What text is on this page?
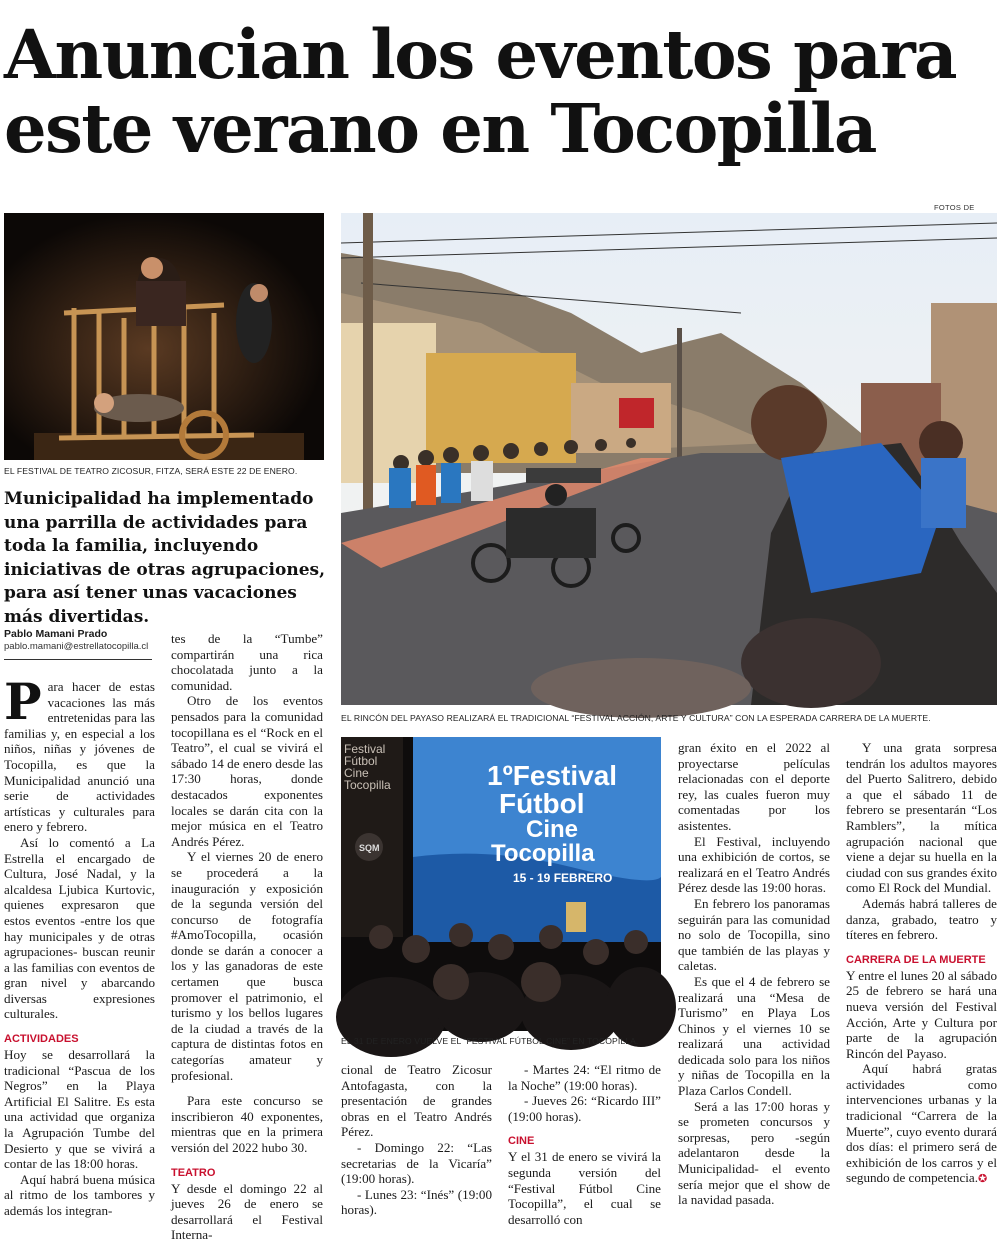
Anuncian los eventos para
este verano en Tocopilla
EL FESTIVAL DE TEATRO ZICOSUR, FITZA, SERÁ ESTE 22 DE ENERO.
FOTOS DE
EL RINCÓN DEL PAYASO REALIZARÁ EL TRADICIONAL “FESTIVAL ACCIÓN, ARTE Y CULTURA” CON LA ESPERADA CARRERA DE LA MUERTE.
Municipalidad ha implementado una parrilla de actividades para toda la familia, incluyendo iniciativas de otras agrupaciones, para así tener unas vacaciones más divertidas.
Pablo Mamani Prado
pablo.mamani@estrellatocopilla.cl
1ºFestival
Fútbol
Cine
Tocopilla
15 - 19 FEBRERO
Festival
Fútbol
Cine
Tocopilla
SQM
EL 31 DE ENERO VUELVE EL “FESTIVAL FÚTBOL CINE” EN TOCOPILLA.

Para hacer de estas vacaciones las más entretenidas para las familias y, en especial a los niños, niñas y jóvenes de Tocopilla, es que la Municipalidad anunció una serie de actividades artísticas y culturales para enero y febrero.

Así lo comentó a La Estrella el encargado de Cultura, José Nadal, y la alcaldesa Ljubica Kurtovic, quienes expresaron que estos eventos -entre los que hay municipales y de otras agrupaciones- buscan reunir a las familias con eventos de gran nivel y abarcando diversas expresiones culturales.

ACTIVIDADES

Hoy se desarrollará la tradicional “Pascua de los Negros” en la Playa Artificial El Salitre. Es esta una actividad que organiza la Agrupación Tumbe del Desierto y que se vivirá a contar de las 18:00 horas.

Aquí habrá buena música al ritmo de los tambores y además los integran-

tes de la “Tumbe” compartirán una rica chocolatada junto a la comunidad.

Otro de los eventos pensados para la comunidad tocopillana es el “Rock en el Teatro”, el cual se vivirá el sábado 14 de enero desde las 17:30 horas, donde destacados exponentes locales se darán cita con la mejor música en el Teatro Andrés Pérez.

Y el viernes 20 de enero se procederá a la inauguración y exposición de la segunda versión del concurso de fotografía #AmoTocopilla, ocasión donde se darán a conocer a los y las ganadoras de este certamen que busca promover el patrimonio, el turismo y los bellos lugares de la ciudad a través de la captura de distintas fotos en categorías amateur y profesional.

Para este concurso se inscribieron 40 exponentes, mientras que en la primera versión del 2022 hubo 30.

TEATRO

Y desde el domingo 22 al jueves 26 de enero se desarrollará el Festival Interna-

cional de Teatro Zicosur Antofagasta, con la presentación de grandes obras en el Teatro Andrés Pérez.

- Domingo 22: “Las secretarias de la Vicaría” (19:00 horas).

- Lunes 23: “Inés” (19:00 horas).

- Martes 24: “El ritmo de la Noche” (19:00 horas).

- Jueves 26: “Ricardo III” (19:00 horas).

CINE

Y el 31 de enero se vivirá la segunda versión del “Festival Fútbol Cine Tocopilla”, el cual se desarrolló con

gran éxito en el 2022 al proyectarse películas relacionadas con el deporte rey, las cuales fueron muy comentadas por los asistentes.

El Festival, incluyendo una exhibición de cortos, se realizará en el Teatro Andrés Pérez desde las 19:00 horas.

En febrero los panoramas seguirán para las comunidad no solo de Tocopilla, sino que también de las playas y caletas.

Es que el 4 de febrero se realizará una “Mesa de Turismo” en Playa Los Chinos y el viernes 10 se realizará una actividad dedicada solo para los niños y niñas de Tocopilla en la Plaza Carlos Condell.

Será a las 17:00 horas y se prometen concursos y sorpresas, pero -según adelantaron desde la Municipalidad- el evento sería mejor que el show de la navidad pasada.

Y una grata sorpresa tendrán los adultos mayores del Puerto Salitrero, debido a que el sábado 11 de febrero se presentarán “Los Ramblers”, la mítica agrupación nacional que viene a dejar su huella en la ciudad con sus grandes éxito como El Rock del Mundial.

Además habrá talleres de danza, grabado, teatro y títeres en febrero.

CARRERA DE LA MUERTE

Y entre el lunes 20 al sábado 25 de febrero se hará una nueva versión del Festival Acción, Arte y Cultura por parte de la agrupación Rincón del Payaso.

Aquí habrá gratas actividades como intervenciones urbanas y la tradicional “Carrera de la Muerte”, cuyo evento durará dos días: el primero será de exhibición de los carros y el segundo de competencia.✪
